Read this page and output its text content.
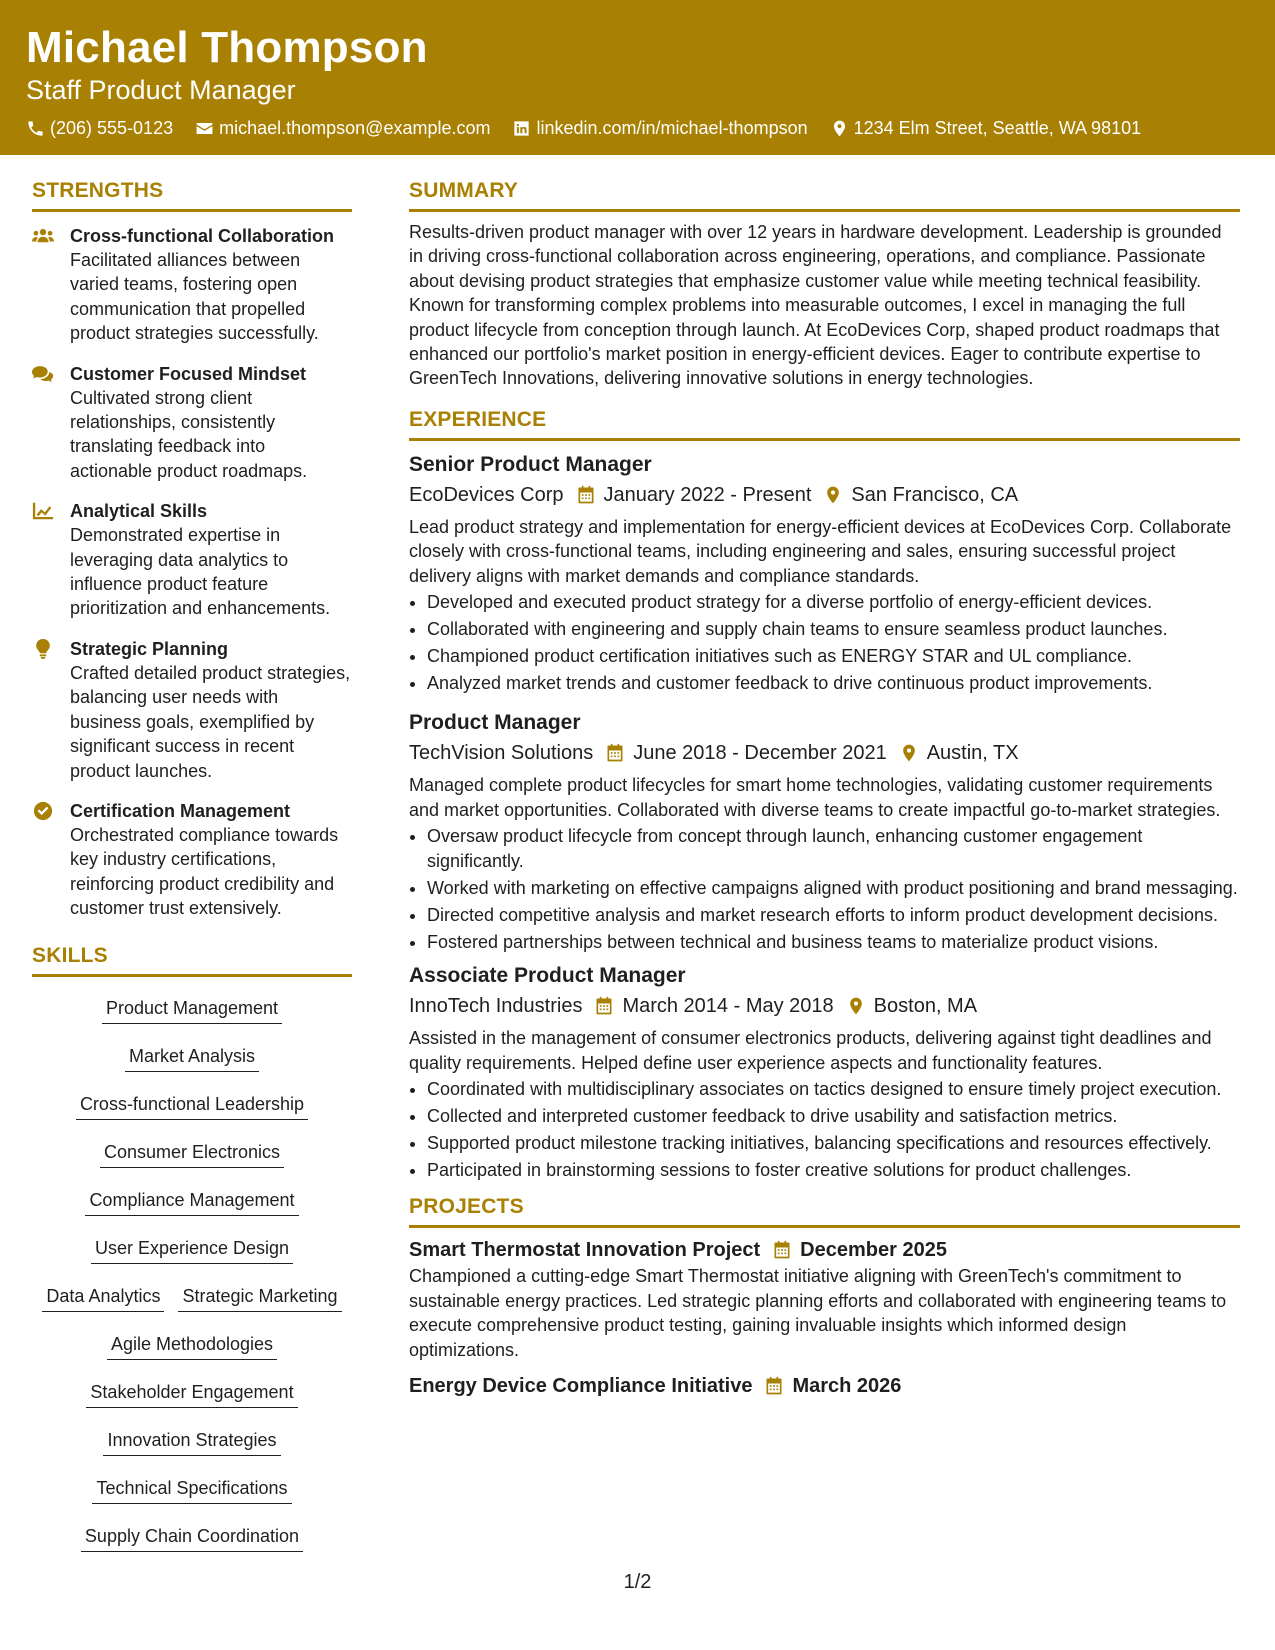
Michael Thompson
Staff Product Manager
(206) 555-0123	michael.thompson@example.com	linkedin.com/in/michael-thompson	1234 Elm Street, Seattle, WA 98101
STRENGTHS
Cross-functional Collaboration
Facilitated alliances between varied teams, fostering open communication that propelled product strategies successfully.
Customer Focused Mindset
Cultivated strong client relationships, consistently translating feedback into actionable product roadmaps.
Analytical Skills
Demonstrated expertise in leveraging data analytics to influence product feature prioritization and enhancements.
Strategic Planning
Crafted detailed product strategies, balancing user needs with business goals, exemplified by significant success in recent product launches.
Certification Management
Orchestrated compliance towards key industry certifications, reinforcing product credibility and customer trust extensively.
SKILLS
Product Management
Market Analysis
Cross-functional Leadership
Consumer Electronics
Compliance Management
User Experience Design
Data Analytics Strategic Marketing
Agile Methodologies
Stakeholder Engagement
Innovation Strategies
Technical Specifications
Supply Chain Coordination
SUMMARY
Results-driven product manager with over 12 years in hardware development. Leadership is grounded in driving cross-functional collaboration across engineering, operations, and compliance. Passionate about devising product strategies that emphasize customer value while meeting technical feasibility. Known for transforming complex problems into measurable outcomes, I excel in managing the full product lifecycle from conception through launch. At EcoDevices Corp, shaped product roadmaps that enhanced our portfolio's market position in energy-efficient devices. Eager to contribute expertise to GreenTech Innovations, delivering innovative solutions in energy technologies.
EXPERIENCE
Senior Product Manager
EcoDevices Corp January 2022 - Present San Francisco, CA
Lead product strategy and implementation for energy-efficient devices at EcoDevices Corp. Collaborate closely with cross-functional teams, including engineering and sales, ensuring successful project delivery aligns with market demands and compliance standards.
• Developed and executed product strategy for a diverse portfolio of energy-efficient devices.
• Collaborated with engineering and supply chain teams to ensure seamless product launches.
• Championed product certification initiatives such as ENERGY STAR and UL compliance.
• Analyzed market trends and customer feedback to drive continuous product improvements.
Product Manager
TechVision Solutions June 2018 - December 2021 Austin, TX
Managed complete product lifecycles for smart home technologies, validating customer requirements and market opportunities. Collaborated with diverse teams to create impactful go-to-market strategies.
• Oversaw product lifecycle from concept through launch, enhancing customer engagement significantly.
• Worked with marketing on effective campaigns aligned with product positioning and brand messaging.
• Directed competitive analysis and market research efforts to inform product development decisions.
• Fostered partnerships between technical and business teams to materialize product visions.
Associate Product Manager
InnoTech Industries March 2014 - May 2018 Boston, MA
Assisted in the management of consumer electronics products, delivering against tight deadlines and quality requirements. Helped define user experience aspects and functionality features.
• Coordinated with multidisciplinary associates on tactics designed to ensure timely project execution.
• Collected and interpreted customer feedback to drive usability and satisfaction metrics.
• Supported product milestone tracking initiatives, balancing specifications and resources effectively.
• Participated in brainstorming sessions to foster creative solutions for product challenges.
PROJECTS
Smart Thermostat Innovation Project December 2025
Championed a cutting-edge Smart Thermostat initiative aligning with GreenTech's commitment to sustainable energy practices. Led strategic planning efforts and collaborated with engineering teams to execute comprehensive product testing, gaining invaluable insights which informed design optimizations.
Energy Device Compliance Initiative March 2026
1/2
